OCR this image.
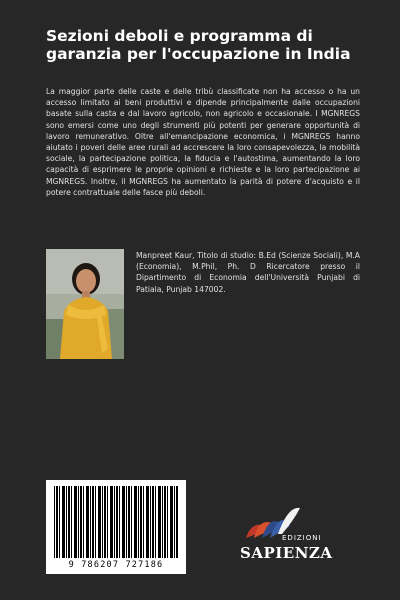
Sezioni deboli e programma di garanzia per l'occupazione in India

La maggior parte delle caste e delle tribù classificate non ha accesso o ha un accesso limitato ai beni produttivi e dipende principalmente dalle occupazioni basate sulla casta e dal lavoro agricolo, non agricolo e occasionale. I MGNREGS sono emersi come uno degli strumenti più potenti per generare opportunità di lavoro remunerativo. Oltre all'emancipazione economica, i MGNREGS hanno aiutato i poveri delle aree rurali ad accrescere la loro consapevolezza, la mobilità sociale, la partecipazione politica, la fiducia e l'autostima, aumentando la loro capacità di esprimere le proprie opinioni e richieste e la loro partecipazione ai MGNREGS. Inoltre, il MGNREGS ha aumentato la parità di potere d'acquisto e il potere contrattuale delle fasce più deboli.

Manpreet Kaur, Titolo di studio: B.Ed (Scienze Sociali), M.A (Economia), M.Phil, Ph. D Ricercatore presso il Dipartimento di Economia dell'Università Punjabi di Patiala, Punjab 147002.

9 786207 727186
EDIZIONI
SAPIENZA
